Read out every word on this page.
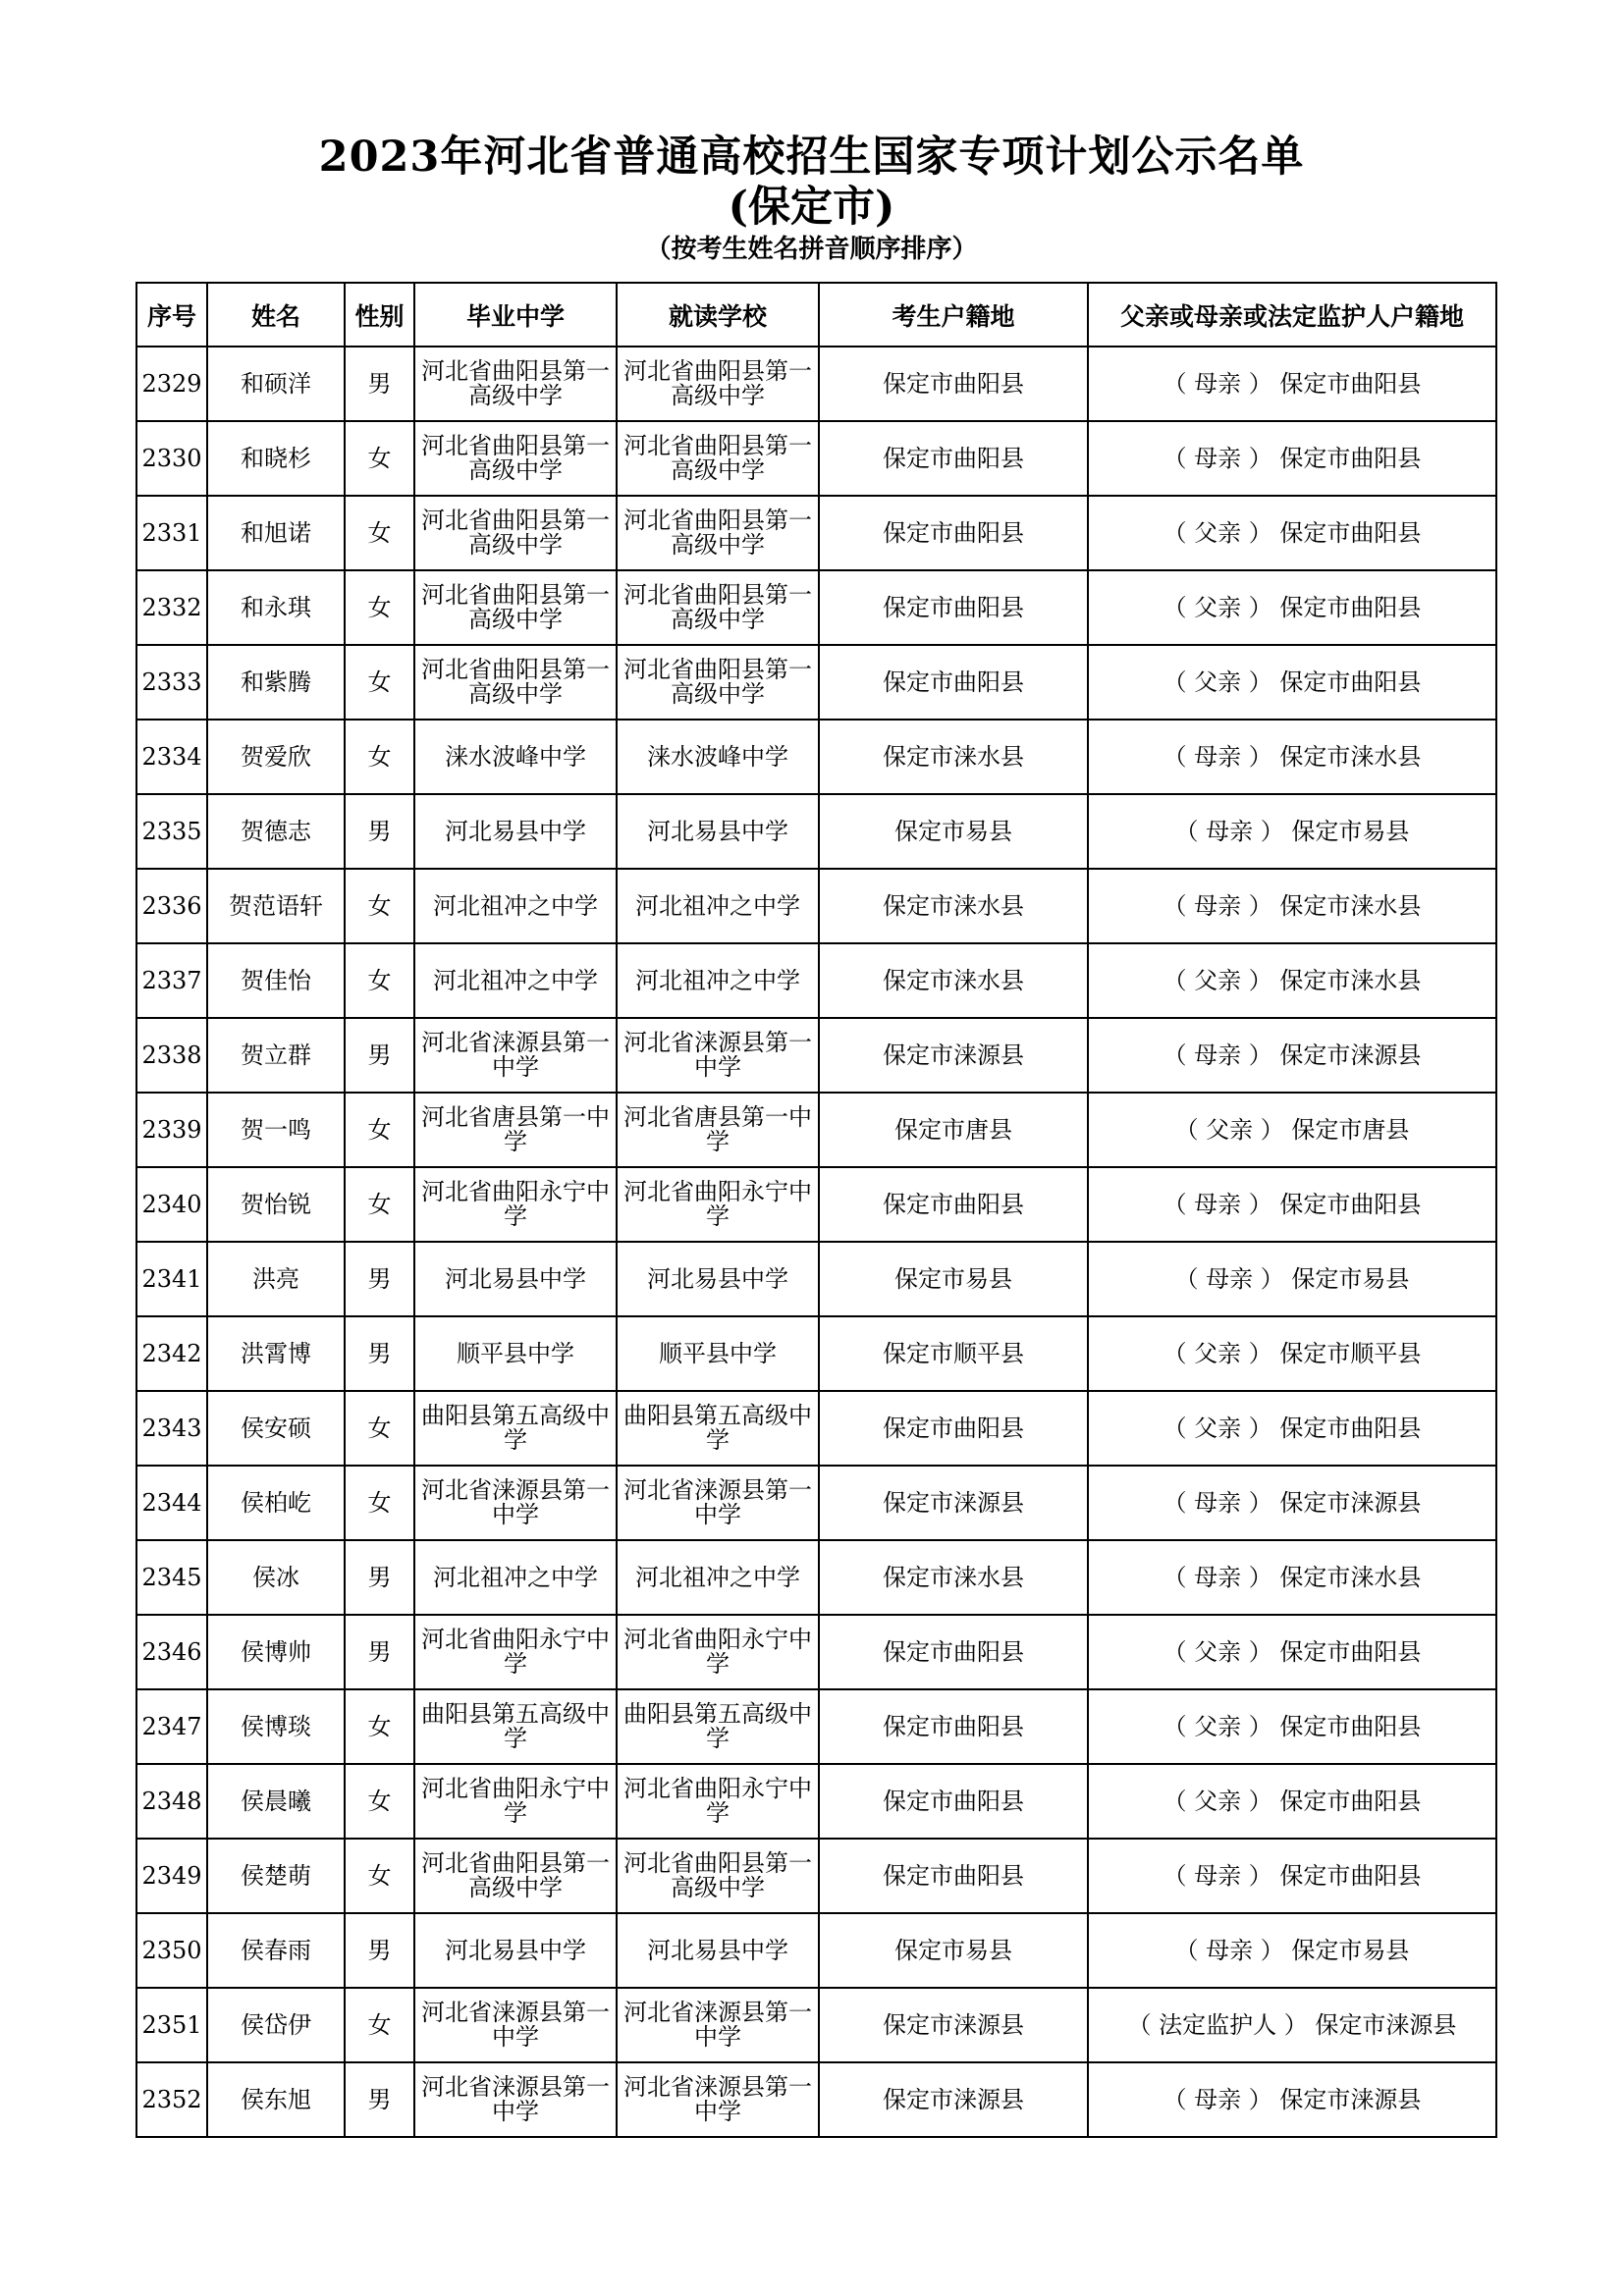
2023年河北省普通高校招生国家专项计划公示名单
(保定市)
（按考生姓名拼音顺序排序）
序号	姓名	性别	毕业中学	就读学校	考生户籍地	父亲或母亲或法定监护人户籍地
2329	和硕洋	男	河北省曲阳县第一高级中学	河北省曲阳县第一高级中学	保定市曲阳县	（ 母亲 ） 保定市曲阳县
2330	和晓杉	女	河北省曲阳县第一高级中学	河北省曲阳县第一高级中学	保定市曲阳县	（ 母亲 ） 保定市曲阳县
2331	和旭诺	女	河北省曲阳县第一高级中学	河北省曲阳县第一高级中学	保定市曲阳县	（ 父亲 ） 保定市曲阳县
2332	和永琪	女	河北省曲阳县第一高级中学	河北省曲阳县第一高级中学	保定市曲阳县	（ 父亲 ） 保定市曲阳县
2333	和紫腾	女	河北省曲阳县第一高级中学	河北省曲阳县第一高级中学	保定市曲阳县	（ 父亲 ） 保定市曲阳县
2334	贺爱欣	女	涞水波峰中学	涞水波峰中学	保定市涞水县	（ 母亲 ） 保定市涞水县
2335	贺德志	男	河北易县中学	河北易县中学	保定市易县	（ 母亲 ） 保定市易县
2336	贺范语轩	女	河北祖冲之中学	河北祖冲之中学	保定市涞水县	（ 母亲 ） 保定市涞水县
2337	贺佳怡	女	河北祖冲之中学	河北祖冲之中学	保定市涞水县	（ 父亲 ） 保定市涞水县
2338	贺立群	男	河北省涞源县第一中学	河北省涞源县第一中学	保定市涞源县	（ 母亲 ） 保定市涞源县
2339	贺一鸣	女	河北省唐县第一中学	河北省唐县第一中学	保定市唐县	（ 父亲 ） 保定市唐县
2340	贺怡锐	女	河北省曲阳永宁中学	河北省曲阳永宁中学	保定市曲阳县	（ 母亲 ） 保定市曲阳县
2341	洪亮	男	河北易县中学	河北易县中学	保定市易县	（ 母亲 ） 保定市易县
2342	洪霄博	男	顺平县中学	顺平县中学	保定市顺平县	（ 父亲 ） 保定市顺平县
2343	侯安硕	女	曲阳县第五高级中学	曲阳县第五高级中学	保定市曲阳县	（ 父亲 ） 保定市曲阳县
2344	侯柏屹	女	河北省涞源县第一中学	河北省涞源县第一中学	保定市涞源县	（ 母亲 ） 保定市涞源县
2345	侯冰	男	河北祖冲之中学	河北祖冲之中学	保定市涞水县	（ 母亲 ） 保定市涞水县
2346	侯博帅	男	河北省曲阳永宁中学	河北省曲阳永宁中学	保定市曲阳县	（ 父亲 ） 保定市曲阳县
2347	侯博琰	女	曲阳县第五高级中学	曲阳县第五高级中学	保定市曲阳县	（ 父亲 ） 保定市曲阳县
2348	侯晨曦	女	河北省曲阳永宁中学	河北省曲阳永宁中学	保定市曲阳县	（ 父亲 ） 保定市曲阳县
2349	侯楚萌	女	河北省曲阳县第一高级中学	河北省曲阳县第一高级中学	保定市曲阳县	（ 母亲 ） 保定市曲阳县
2350	侯春雨	男	河北易县中学	河北易县中学	保定市易县	（ 母亲 ） 保定市易县
2351	侯岱伊	女	河北省涞源县第一中学	河北省涞源县第一中学	保定市涞源县	（ 法定监护人 ） 保定市涞源县
2352	侯东旭	男	河北省涞源县第一中学	河北省涞源县第一中学	保定市涞源县	（ 母亲 ） 保定市涞源县
